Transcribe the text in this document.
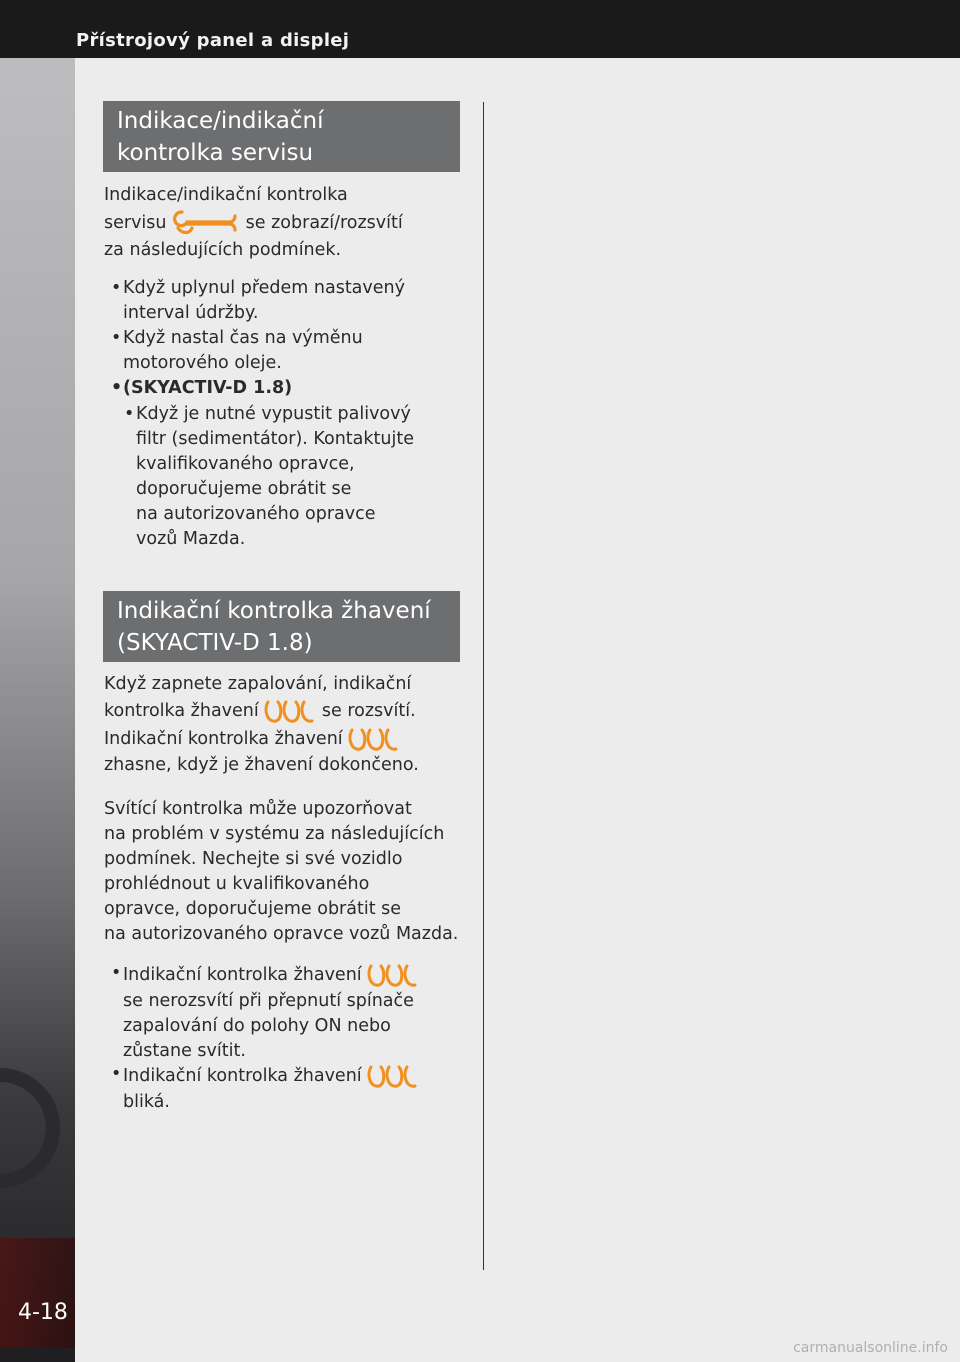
Přístrojový panel a displej
4-18
Indikace/indikační
kontrolka servisu
Indikace/indikační kontrolka
servisu	se zobrazí/rozsvítí
za následujících podmínek.
• Když uplynul předem nastavený
interval údržby.
• Když nastal čas na výměnu
motorového oleje.
• (SKYACTIV-D 1.8)
• Když je nutné vypustit palivový
filtr (sedimentátor). Kontaktujte
kvalifikovaného opravce,
doporučujeme obrátit se
na autorizovaného opravce
vozů Mazda.
Indikační kontrolka žhavení
(SKYACTIV-D 1.8)
Když zapnete zapalování, indikační
kontrolka žhavení	se rozsvítí.
Indikační kontrolka žhavení
zhasne, když je žhavení dokončeno.
Svítící kontrolka může upozorňovat
na problém v systému za následujících
podmínek. Nechejte si své vozidlo
prohlédnout u kvalifikovaného
opravce, doporučujeme obrátit se
na autorizovaného opravce vozů Mazda.
• Indikační kontrolka žhavení
se nerozsvítí při přepnutí spínače
zapalování do polohy ON nebo
zůstane svítit.
• Indikační kontrolka žhavení
bliká.
carmanualsonline.info
